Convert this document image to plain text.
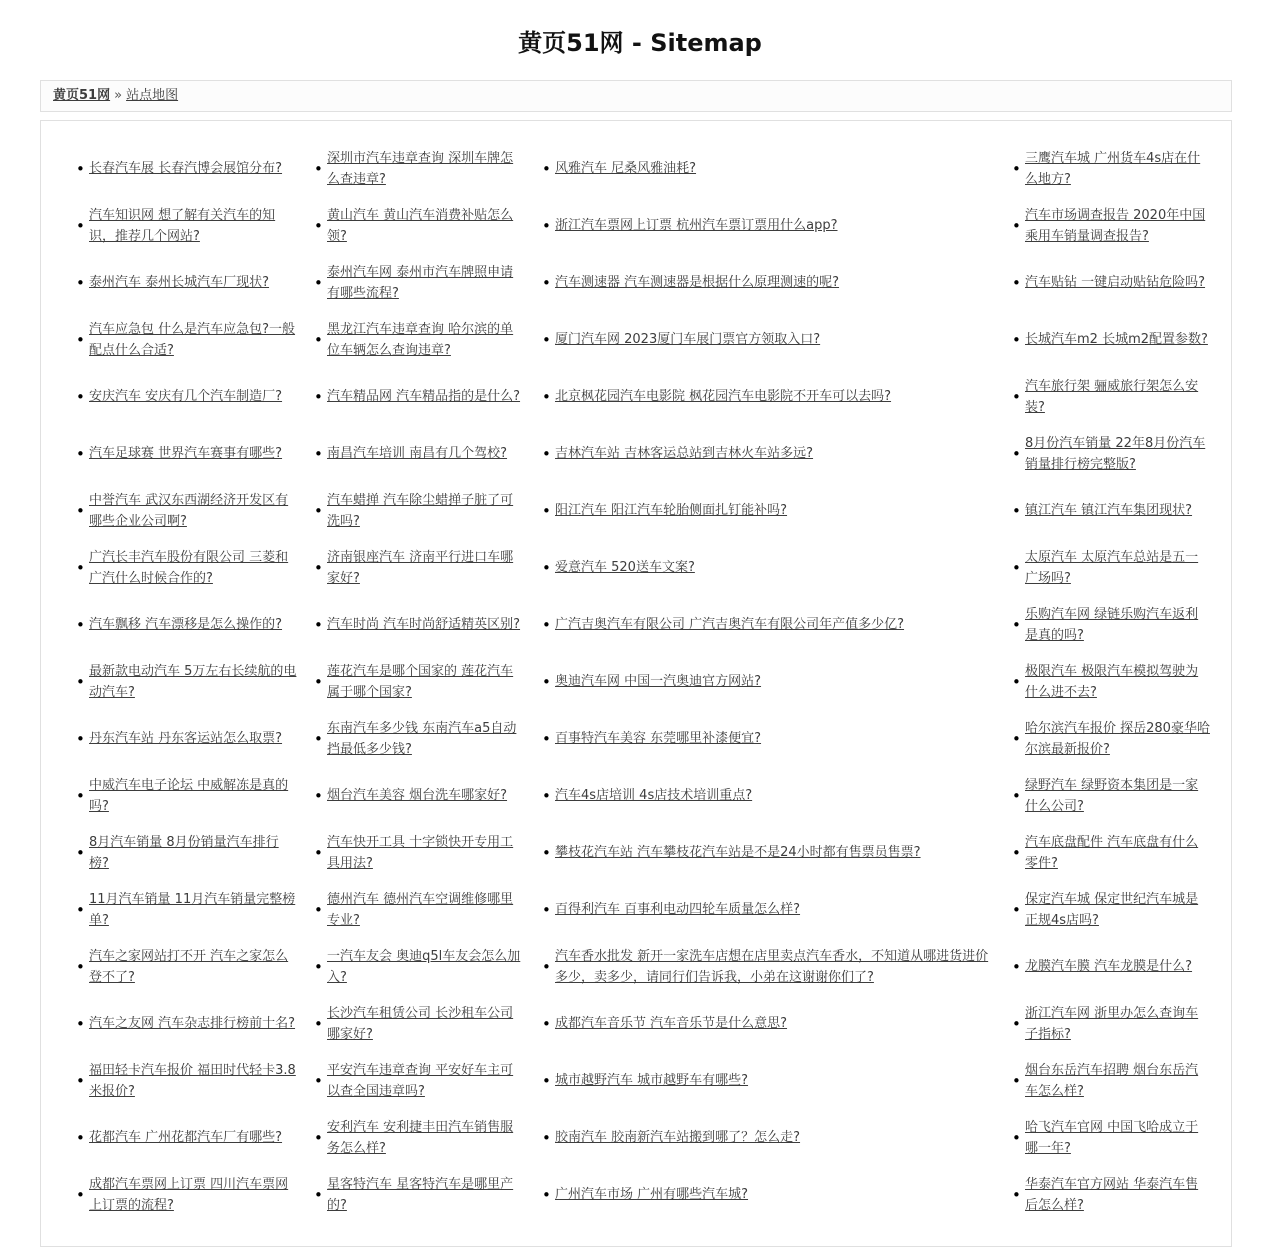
黄页51网 - Sitemap
黄页51网 » 站点地图
• 长春汽车展 长春汽博会展馆分布?
• 汽车知识网 想了解有关汽车的知识，推荐几个网站?
• 泰州汽车 泰州长城汽车厂现状?
• 汽车应急包 什么是汽车应急包?一般配点什么合适?
• 安庆汽车 安庆有几个汽车制造厂?
• 汽车足球赛 世界汽车赛事有哪些?
• 中誉汽车 武汉东西湖经济开发区有哪些企业公司啊?
• 广汽长丰汽车股份有限公司 三菱和广汽什么时候合作的?
• 汽车飘移 汽车漂移是怎么操作的?
• 最新款电动汽车 5万左右长续航的电动汽车?
• 丹东汽车站 丹东客运站怎么取票?
• 中威汽车电子论坛 中威解冻是真的吗?
• 8月汽车销量 8月份销量汽车排行榜?
• 11月汽车销量 11月汽车销量完整榜单?
• 汽车之家网站打不开 汽车之家怎么登不了?
• 汽车之友网 汽车杂志排行榜前十名?
• 福田轻卡汽车报价 福田时代轻卡3.8米报价?
• 花都汽车 广州花都汽车厂有哪些?
• 成都汽车票网上订票 四川汽车票网上订票的流程?
• 深圳市汽车违章查询 深圳车牌怎么查违章?
• 黄山汽车 黄山汽车消费补贴怎么领?
• 泰州汽车网 泰州市汽车牌照申请有哪些流程?
• 黑龙江汽车违章查询 哈尔滨的单位车辆怎么查询违章?
• 汽车精品网 汽车精品指的是什么?
• 南昌汽车培训 南昌有几个驾校?
• 汽车蜡掸 汽车除尘蜡掸子脏了可洗吗?
• 济南银座汽车 济南平行进口车哪家好?
• 汽车时尚 汽车时尚舒适精英区别?
• 莲花汽车是哪个国家的 莲花汽车属于哪个国家?
• 东南汽车多少钱 东南汽车a5自动挡最低多少钱?
• 烟台汽车美容 烟台洗车哪家好?
• 汽车快开工具 十字锁快开专用工具用法?
• 德州汽车 德州汽车空调维修哪里专业?
• 一汽车友会 奥迪q5l车友会怎么加入?
• 长沙汽车租赁公司 长沙租车公司哪家好?
• 平安汽车违章查询 平安好车主可以查全国违章吗?
• 安利汽车 安利捷丰田汽车销售服务怎么样?
• 星客特汽车 星客特汽车是哪里产的?
• 风雅汽车 尼桑风雅油耗?
• 浙江汽车票网上订票 杭州汽车票订票用什么app?
• 汽车测速器 汽车测速器是根据什么原理测速的呢?
• 厦门汽车网 2023厦门车展门票官方领取入口?
• 北京枫花园汽车电影院 枫花园汽车电影院不开车可以去吗?
• 吉林汽车站 吉林客运总站到吉林火车站多远?
• 阳江汽车 阳江汽车轮胎侧面扎钉能补吗?
• 爱意汽车 520送车文案?
• 广汽吉奥汽车有限公司 广汽吉奥汽车有限公司年产值多少亿?
• 奥迪汽车网 中国一汽奥迪官方网站?
• 百事特汽车美容 东莞哪里补漆便宜?
• 汽车4s店培训 4s店技术培训重点?
• 攀枝花汽车站 汽车攀枝花汽车站是不是24小时都有售票员售票?
• 百得利汽车 百事利电动四轮车质量怎么样?
• 汽车香水批发 新开一家洗车店想在店里卖点汽车香水，不知道从哪进货进价多少，卖多少，请同行们告诉我，小弟在这谢谢你们了?
• 成都汽车音乐节 汽车音乐节是什么意思?
• 城市越野汽车 城市越野车有哪些?
• 胶南汽车 胶南新汽车站搬到哪了？怎么走?
• 广州汽车市场 广州有哪些汽车城?
• 三鹰汽车城 广州货车4s店在什么地方?
• 汽车市场调查报告 2020年中国乘用车销量调查报告?
• 汽车贴钻 一键启动贴钻危险吗?
• 长城汽车m2 长城m2配置参数?
• 汽车旅行架 骊威旅行架怎么安装?
• 8月份汽车销量 22年8月份汽车销量排行榜完整版?
• 镇江汽车 镇江汽车集团现状?
• 太原汽车 太原汽车总站是五一广场吗?
• 乐购汽车网 绿链乐购汽车返利是真的吗?
• 极限汽车 极限汽车模拟驾驶为什么进不去?
• 哈尔滨汽车报价 探岳280豪华哈尔滨最新报价?
• 绿野汽车 绿野资本集团是一家什么公司?
• 汽车底盘配件 汽车底盘有什么零件?
• 保定汽车城 保定世纪汽车城是正规4s店吗?
• 龙膜汽车膜 汽车龙膜是什么?
• 浙江汽车网 浙里办怎么查询车子指标?
• 烟台东岳汽车招聘 烟台东岳汽车怎么样?
• 哈飞汽车官网 中国飞哈成立于哪一年?
• 华泰汽车官方网站 华泰汽车售后怎么样?
